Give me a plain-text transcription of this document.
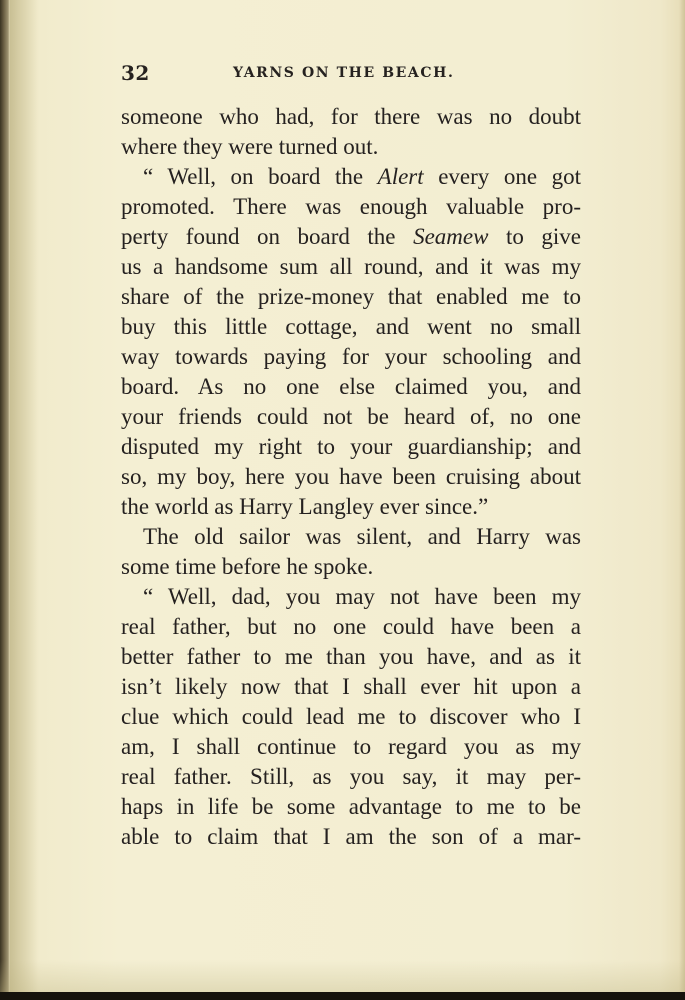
32	YARNS ON THE BEACH.
someone who had, for there was no doubt
where they were turned out.
“ Well, on board the Alert every one got
promoted. There was enough valuable pro-
perty found on board the Seamew to give
us a handsome sum all round, and it was my
share of the prize-money that enabled me to
buy this little cottage, and went no small
way towards paying for your schooling and
board. As no one else claimed you, and
your friends could not be heard of, no one
disputed my right to your guardianship; and
so, my boy, here you have been cruising about
the world as Harry Langley ever since.”
The old sailor was silent, and Harry was
some time before he spoke.
“ Well, dad, you may not have been my
real father, but no one could have been a
better father to me than you have, and as it
isn’t likely now that I shall ever hit upon a
clue which could lead me to discover who I
am, I shall continue to regard you as my
real father. Still, as you say, it may per-
haps in life be some advantage to me to be
able to claim that I am the son of a mar-
